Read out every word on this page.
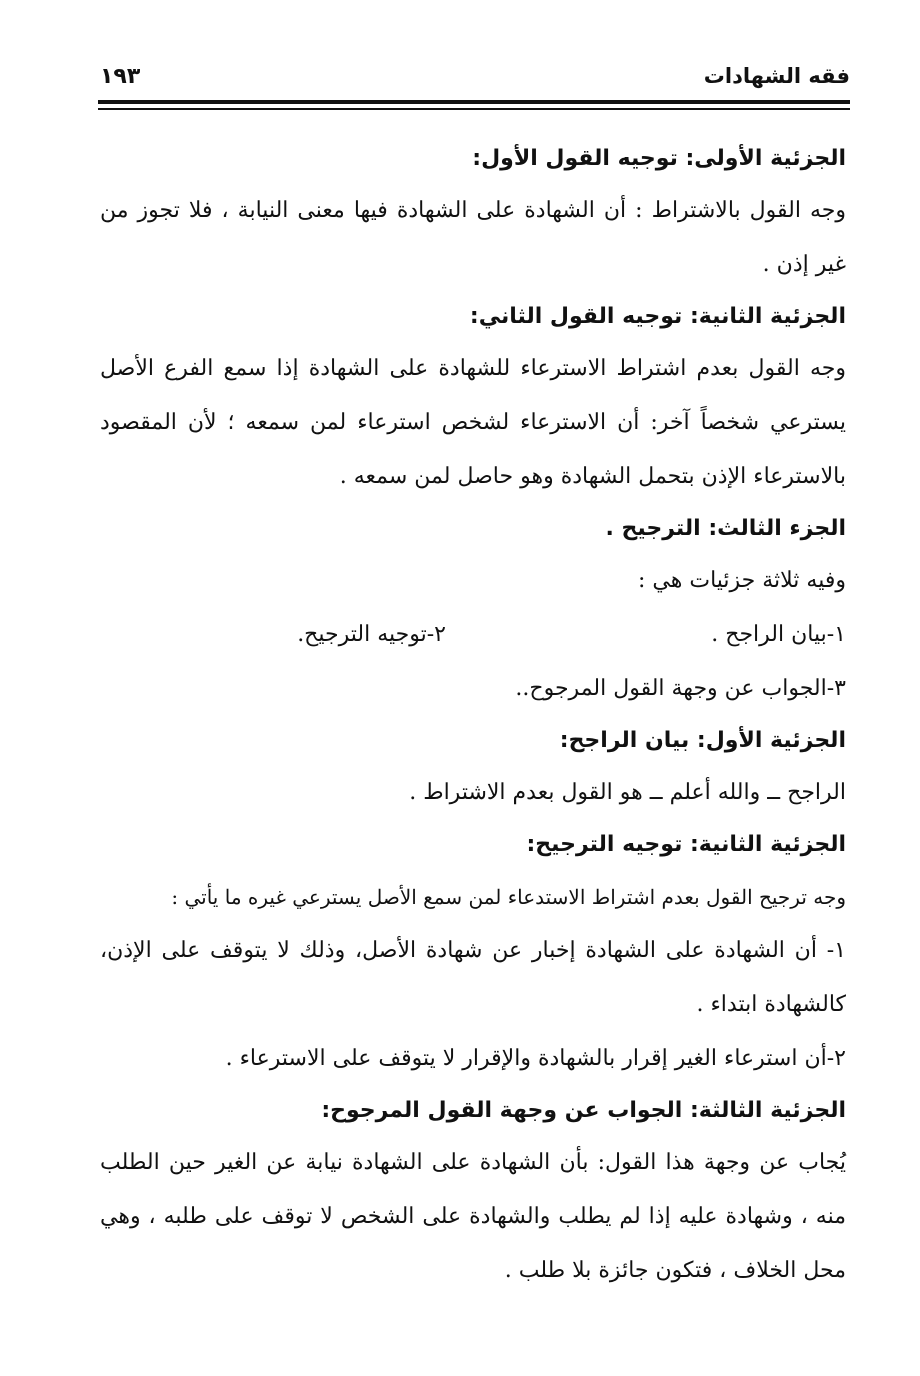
فقه الشهادات
١٩٣

الجزئية الأولى: توجيه القول الأول:

وجه القول بالاشتراط : أن الشهادة على الشهادة فيها معنى النيابة ، فلا تجوز من غير إذن .

الجزئية الثانية: توجيه القول الثاني:

وجه القول بعدم اشتراط الاسترعاء للشهادة على الشهادة إذا سمع الفرع الأصل يسترعي شخصاً آخر: أن الاسترعاء لشخص استرعاء لمن سمعه ؛ لأن المقصود بالاسترعاء الإذن بتحمل الشهادة وهو حاصل لمن سمعه .

الجزء الثالث: الترجيح .

وفيه ثلاثة جزئيات هي :

١-بيان الراجح .
٢-توجيه الترجيح.

٣-الجواب عن وجهة القول المرجوح..

الجزئية الأول: بيان الراجح:

الراجح ــ والله أعلم ــ هو القول بعدم الاشتراط .

الجزئية الثانية: توجيه الترجيح:

وجه ترجيح القول بعدم اشتراط الاستدعاء لمن سمع الأصل يسترعي غيره ما يأتي :

١- أن الشهادة على الشهادة إخبار عن شهادة الأصل، وذلك لا يتوقف على الإذن، كالشهادة ابتداء .

٢-أن استرعاء الغير إقرار بالشهادة والإقرار لا يتوقف على الاسترعاء .

الجزئية الثالثة: الجواب عن وجهة القول المرجوح:

يُجاب عن وجهة هذا القول: بأن الشهادة على الشهادة نيابة عن الغير حين الطلب منه ، وشهادة عليه إذا لم يطلب والشهادة على الشخص لا توقف على طلبه ، وهي محل الخلاف ، فتكون جائزة بلا طلب .
